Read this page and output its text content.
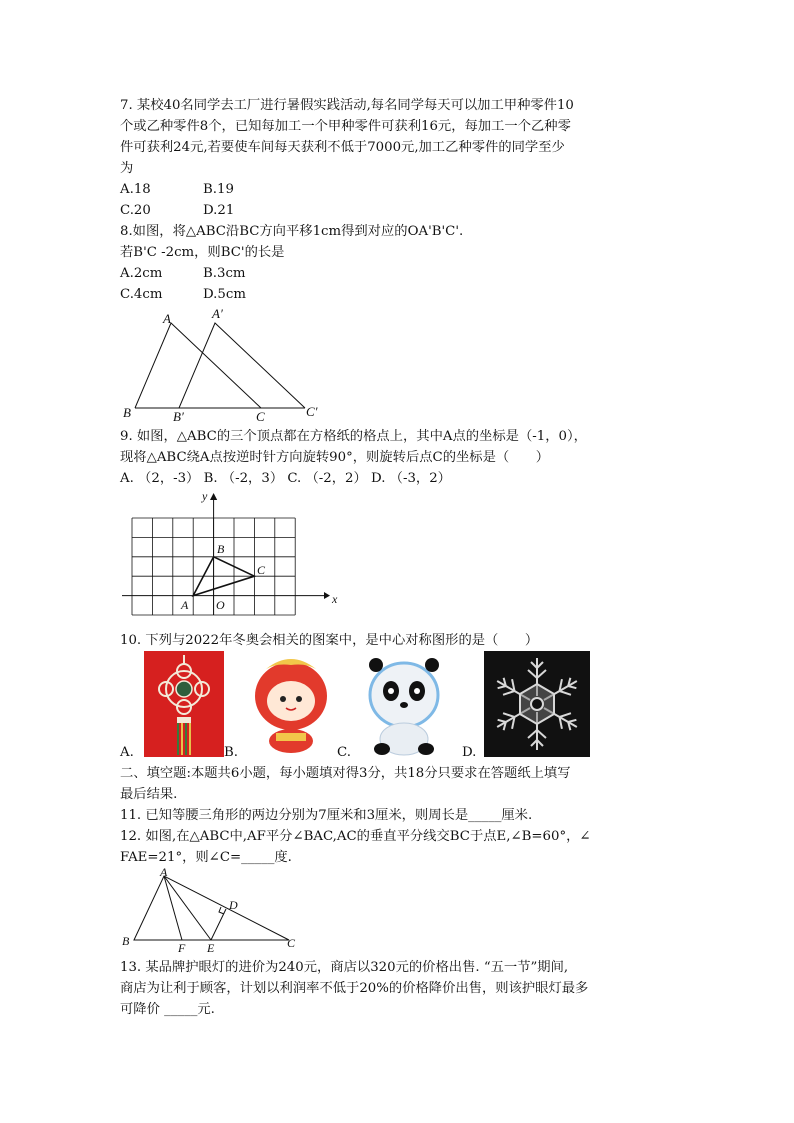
7. 某校40名同学去工厂进行暑假实践活动,每名同学每天可以加工甲种零件10
个或乙种零件8个，已知每加工一个甲种零件可获利16元，每加工一个乙种零
件可获利24元,若要使车间每天获利不低于7000元,加工乙种零件的同学至少
为
A.18	B.19
C.20	D.21
8.如图，将△ABC沿BC方向平移1cm得到对应的OA'B'C'.
若B'C -2cm，则BC'的长是
A.2cm	B.3cm
C.4cm	D.5cm
A	A′
B	B′	C	C′
9. 如图，△ABC的三个顶点都在方格纸的格点上，其中A点的坐标是（-1，0），
现将△ABC绕A点按逆时针方向旋转90°，则旋转后点C的坐标是（　　）
A. （2，-3） B. （-2，3） C. （-2，2） D. （-3，2）
y
x
A O
B
C
10. 下列与2022年冬奥会相关的图案中，是中心对称图形的是（　　）
A.	B.	C.	D.
二、填空题:本题共6小题，每小题填对得3分，共18分只要求在答题纸上填写
最后结果.
11. 已知等腰三角形的两边分别为7厘米和3厘米，则周长是_____厘米.
12. 如图,在△ABC中,AF平分∠BAC,AC的垂直平分线交BC于点E,∠B=60°，∠
FAE=21°，则∠C=_____度.
A
D
B	F E	C
13. 某品牌护眼灯的进价为240元，商店以320元的价格出售. “五一节”期间,
商店为让利于顾客，计划以利润率不低于20%的价格降价出售，则该护眼灯最多
可降价 _____元.
